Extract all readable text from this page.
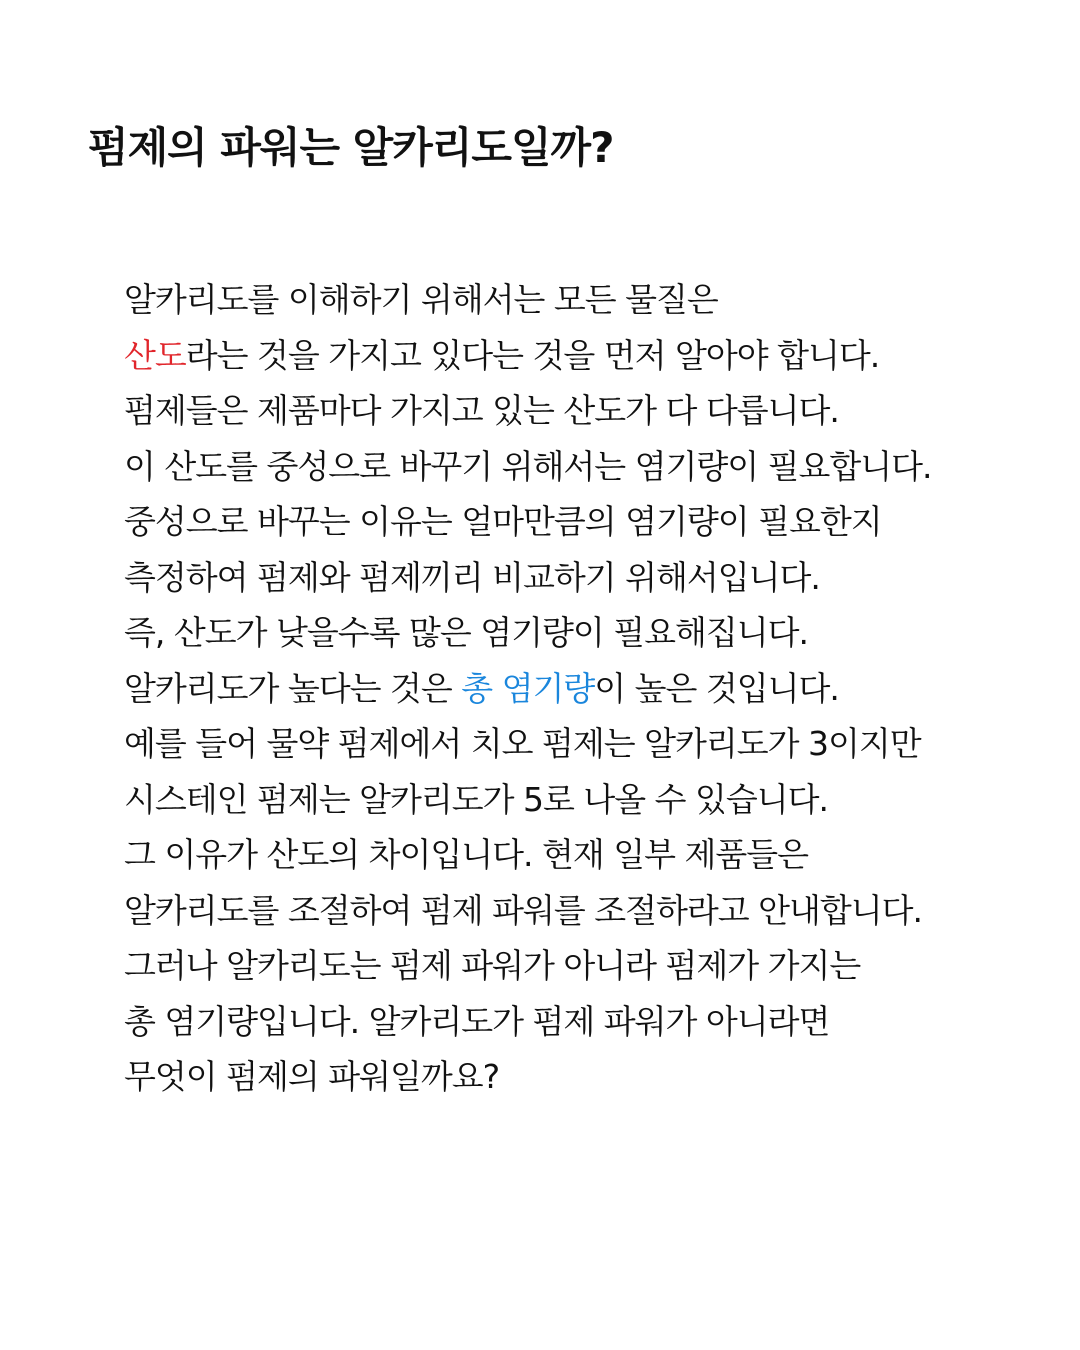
펌제의 파워는 알카리도일까?
알카리도를 이해하기 위해서는 모든 물질은
산도라는 것을 가지고 있다는 것을 먼저 알아야 합니다.
펌제들은 제품마다 가지고 있는 산도가 다 다릅니다.
이 산도를 중성으로 바꾸기 위해서는 염기량이 필요합니다.
중성으로 바꾸는 이유는 얼마만큼의 염기량이 필요한지
측정하여 펌제와 펌제끼리 비교하기 위해서입니다.
즉, 산도가 낮을수록 많은 염기량이 필요해집니다.
알카리도가 높다는 것은 총 염기량이 높은 것입니다.
예를 들어 물약 펌제에서 치오 펌제는 알카리도가 3이지만
시스테인 펌제는 알카리도가 5로 나올 수 있습니다.
그 이유가 산도의 차이입니다. 현재 일부 제품들은
알카리도를 조절하여 펌제 파워를 조절하라고 안내합니다.
그러나 알카리도는 펌제 파워가 아니라 펌제가 가지는
총 염기량입니다. 알카리도가 펌제 파워가 아니라면
무엇이 펌제의 파워일까요?
